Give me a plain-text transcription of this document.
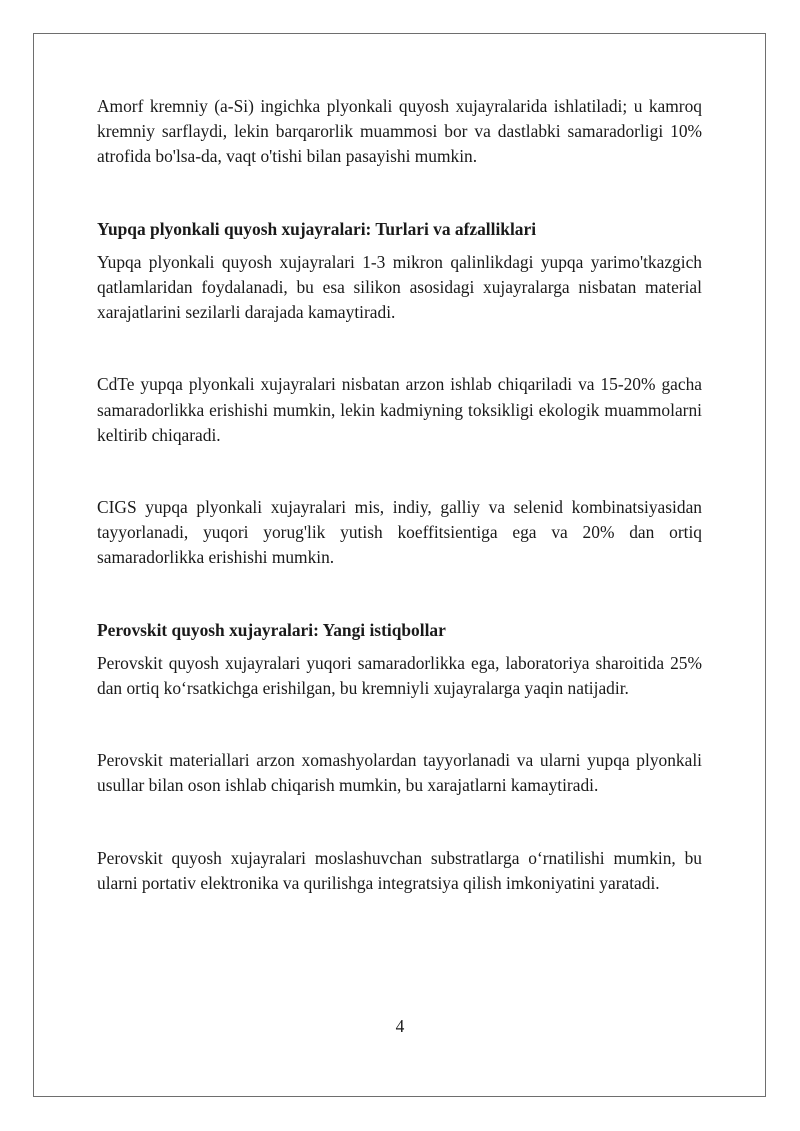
Amorf kremniy (a-Si) ingichka plyonkali quyosh xujayralarida ishlatiladi; u kamroq kremniy sarflaydi, lekin barqarorlik muammosi bor va dastlabki samaradorligi 10% atrofida bo'lsa-da, vaqt o'tishi bilan pasayishi mumkin.

Yupqa plyonkali quyosh xujayralari: Turlari va afzalliklari

Yupqa plyonkali quyosh xujayralari 1-3 mikron qalinlikdagi yupqa yarimo'tkazgich qatlamlaridan foydalanadi, bu esa silikon asosidagi xujayralarga nisbatan material xarajatlarini sezilarli darajada kamaytiradi.

CdTe yupqa plyonkali xujayralari nisbatan arzon ishlab chiqariladi va 15-20% gacha samaradorlikka erishishi mumkin, lekin kadmiyning toksikligi ekologik muammolarni keltirib chiqaradi.

CIGS yupqa plyonkali xujayralari mis, indiy, galliy va selenid kombinatsiyasidan tayyorlanadi, yuqori yorug'lik yutish koeffitsientiga ega va 20% dan ortiq samaradorlikka erishishi mumkin.

Perovskit quyosh xujayralari: Yangi istiqbollar

Perovskit quyosh xujayralari yuqori samaradorlikka ega, laboratoriya sharoitida 25% dan ortiq ko‘rsatkichga erishilgan, bu kremniyli xujayralarga yaqin natijadir.

Perovskit materiallari arzon xomashyolardan tayyorlanadi va ularni yupqa plyonkali usullar bilan oson ishlab chiqarish mumkin, bu xarajatlarni kamaytiradi.

Perovskit quyosh xujayralari moslashuvchan substratlarga o‘rnatilishi mumkin, bu ularni portativ elektronika va qurilishga integratsiya qilish imkoniyatini yaratadi.

4
